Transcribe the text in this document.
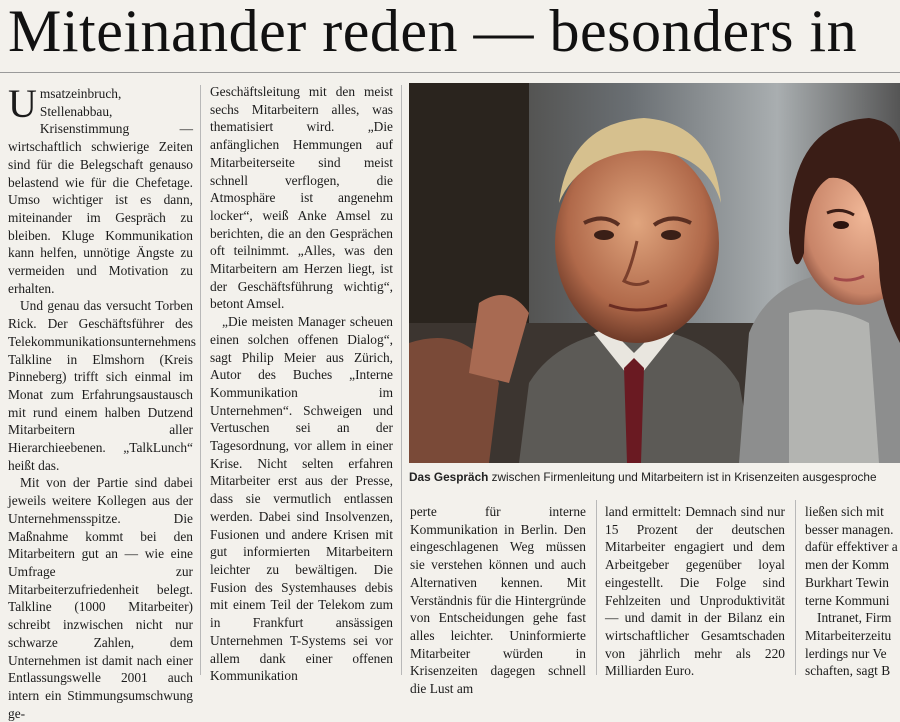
Miteinander reden — besonders in

Umsatzeinbruch, Stellenabbau, Krisenstimmung — wirtschaftlich schwierige Zeiten sind für die Belegschaft genauso belastend wie für die Chefetage. Umso wichtiger ist es dann, miteinander im Gespräch zu bleiben. Kluge Kommunikation kann helfen, unnötige Ängste zu vermeiden und Motivation zu erhalten.

Und genau das versucht Torben Rick. Der Geschäftsführer des Telekommunikationsunternehmens Talkline in Elmshorn (Kreis Pinneberg) trifft sich einmal im Monat zum Erfahrungsaustausch mit rund einem halben Dutzend Mitarbeitern aller Hierarchieebenen. „TalkLunch“ heißt das.

Mit von der Partie sind dabei jeweils weitere Kollegen aus der Unternehmensspitze. Die Maßnahme kommt bei den Mitarbeitern gut an — wie eine Umfrage zur Mitarbeiterzufriedenheit belegt. Talkline (1000 Mitarbeiter) schreibt inzwischen nicht nur schwarze Zahlen, dem Unternehmen ist damit nach einer Entlassungswelle 2001 auch intern ein Stimmungsumschwung ge-

Geschäftsleitung mit den meist sechs Mitarbeitern alles, was thematisiert wird. „Die anfänglichen Hemmungen auf Mitarbeiterseite sind meist schnell verflogen, die Atmosphäre ist angenehm locker“, weiß Anke Amsel zu berichten, die an den Gesprächen oft teilnimmt. „Alles, was den Mitarbeitern am Herzen liegt, ist der Geschäftsführung wichtig“, betont Amsel.

„Die meisten Manager scheuen einen solchen offenen Dialog“, sagt Philip Meier aus Zürich, Autor des Buches „Interne Kommunikation im Unternehmen“. Schweigen und Vertuschen sei an der Tagesordnung, vor allem in einer Krise. Nicht selten erfahren Mitarbeiter erst aus der Presse, dass sie vermutlich entlassen werden. Dabei sind Insolvenzen, Fusionen und andere Krisen mit gut informierten Mitarbeitern leichter zu bewältigen. Die Fusion des Systemhauses debis mit einem Teil der Telekom zum in Frankfurt ansässigen Unternehmen T-Systems sei vor allem dank einer offenen Kommunikation

Das Gespräch zwischen Firmenleitung und Mitarbeitern ist in Krisenzeiten ausgesproche

perte für interne Kommunikation in Berlin. Den eingeschlagenen Weg müssen sie verstehen können und auch Alternativen kennen. Mit Verständnis für die Hintergründe von Entscheidungen gehe fast alles leichter. Uninformierte Mitarbeiter würden in Krisenzeiten dagegen schnell die Lust am

land ermittelt: Demnach sind nur 15 Prozent der deutschen Mitarbeiter engagiert und dem Arbeitgeber gegenüber loyal eingestellt. Die Folge sind Fehlzeiten und Unproduktivität — und damit in der Bilanz ein wirtschaftlicher Gesamtschaden von jährlich mehr als 220 Milliarden Euro.

ließen sich mit
besser managen.
dafür effektiver a
men der Komm
Burkhart Tewin
terne Kommuni
Intranet, Firm
Mitarbeiterzeitu
lerdings nur Ve
schaften, sagt B
